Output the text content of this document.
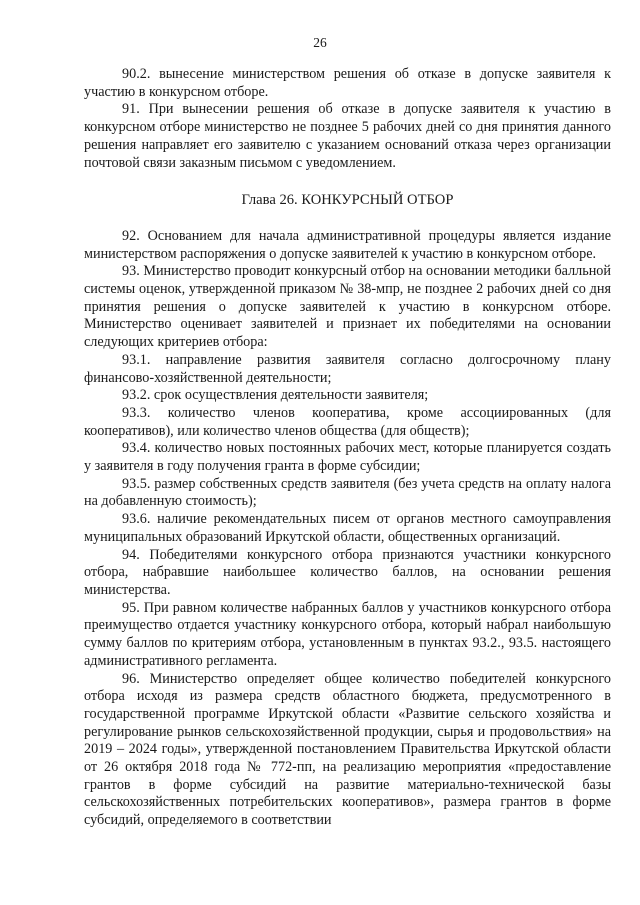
26

90.2. вынесение министерством решения об отказе в допуске заявителя к участию в конкурсном отборе.

91. При вынесении решения об отказе в допуске заявителя к участию в конкурсном отборе министерство не позднее 5 рабочих дней со дня принятия данного решения направляет его заявителю с указанием оснований отказа через организации почтовой связи заказным письмом с уведомлением.

Глава 26. КОНКУРСНЫЙ ОТБОР

92. Основанием для начала административной процедуры является издание министерством распоряжения о допуске заявителей к участию в конкурсном отборе.

93. Министерство проводит конкурсный отбор на основании методики балльной системы оценок, утвержденной приказом № 38-мпр, не позднее 2 рабочих дней со дня принятия решения о допуске заявителей к участию в конкурсном отборе. Министерство оценивает заявителей и признает их победителями на основании следующих критериев отбора:

93.1. направление развития заявителя согласно долгосрочному плану финансово-хозяйственной деятельности;

93.2. срок осуществления деятельности заявителя;

93.3. количество членов кооператива, кроме ассоциированных (для кооперативов), или количество членов общества (для обществ);

93.4. количество новых постоянных рабочих мест, которые планируется создать у заявителя в году получения гранта в форме субсидии;

93.5. размер собственных средств заявителя (без учета средств на оплату налога на добавленную стоимость);

93.6. наличие рекомендательных писем от органов местного самоуправления муниципальных образований Иркутской области, общественных организаций.

94. Победителями конкурсного отбора признаются участники конкурсного отбора, набравшие наибольшее количество баллов, на основании решения министерства.

95. При равном количестве набранных баллов у участников конкурсного отбора преимущество отдается участнику конкурсного отбора, который набрал наибольшую сумму баллов по критериям отбора, установленным в пунктах 93.2., 93.5. настоящего административного регламента.

96. Министерство определяет общее количество победителей конкурсного отбора исходя из размера средств областного бюджета, предусмотренного в государственной программе Иркутской области «Развитие сельского хозяйства и регулирование рынков сельскохозяйственной продукции, сырья и продовольствия» на 2019 – 2024 годы», утвержденной постановлением Правительства Иркутской области от 26 октября 2018 года № 772-пп, на реализацию мероприятия «предоставление грантов в форме субсидий на развитие материально-технической базы сельскохозяйственных потребительских кооперативов», размера грантов в форме субсидий, определяемого в соответствии
